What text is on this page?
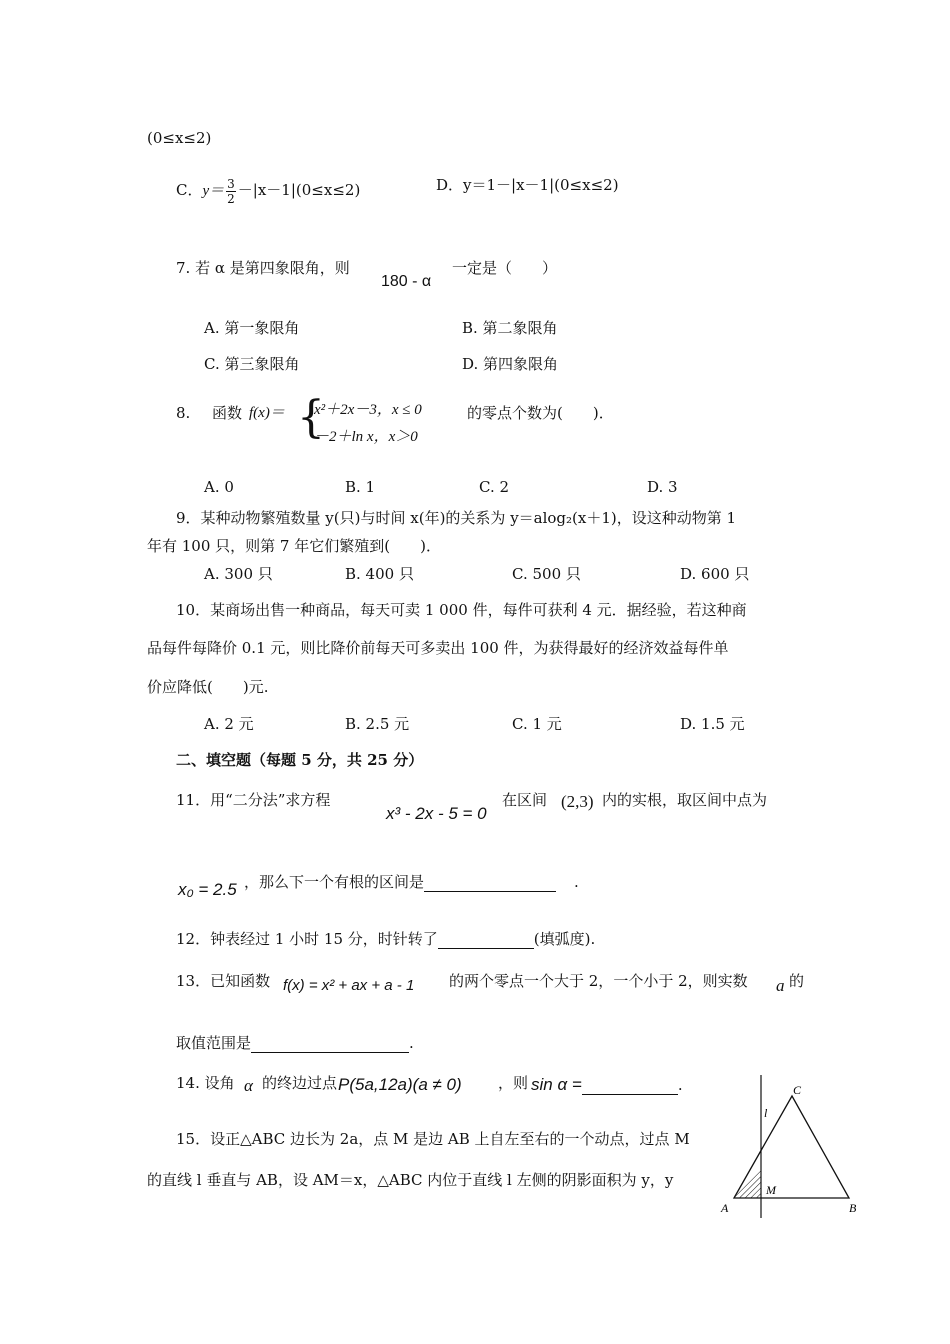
(0≤x≤2)
C．$y= \frac{3}{2} -|x-1|(0\le x\le 2)$	D．y＝1－|x－1|(0≤x≤2)
7. 若 α 是第四象限角，则
180 - α
一定是（　　）
A. 第一象限角	B. 第二象限角
C. 第三象限角	D. 第四象限角
8. 函数 f(x)＝ {
x²＋2x－3，x ≤ 0
－2＋ln x，x＞0
的零点个数为(　　)．
A. 0	B. 1	C. 2	D. 3
9．某种动物繁殖数量 y(只)与时间 x(年)的关系为 y＝alog₂(x＋1)，设这种动物第 1
年有 100 只，则第 7 年它们繁殖到(　　)．
A. 300 只	B. 400 只	C. 500 只	D. 600 只
10．某商场出售一种商品，每天可卖 1 000 件，每件可获利 4 元．据经验，若这种商
品每件每降价 0.1 元，则比降价前每天可多卖出 100 件，为获得最好的经济效益每件单
价应降低(　　)元.
A. 2 元	B. 2.5 元	C. 1 元	D. 1.5 元
二、填空题（每题 5 分，共 25 分）
11．用“二分法”求方程
x³ - 2x - 5 = 0
在区间 (2,3) 内的实根，取区间中点为
x₀ = 2.5 ，那么下一个有根的区间是	.
12．钟表经过 1 小时 15 分，时针转了	(填弧度).
13．已知函数 f(x) = x² + ax + a - 1 的两个零点一个大于 2，一个小于 2，则实数 a 的
取值范围是	.
14. 设角 α 的终边过点 P(5a,12a)(a ≠ 0) ，则 sin α =	.
15．设正△ABC 边长为 2a，点 M 是边 AB 上自左至右的一个动点，过点 M
的直线 l 垂直与 AB，设 AM＝x，△ABC 内位于直线 l 左侧的阴影面积为 y，y
A	B
C
M
l
